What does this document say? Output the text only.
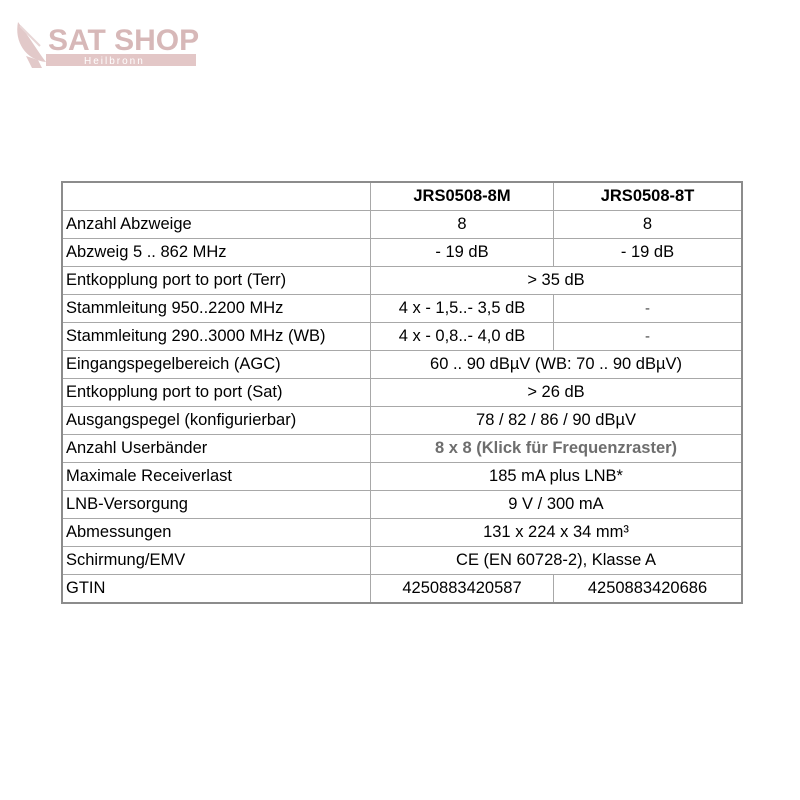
SAT SHOP
Heilbronn
	JRS0508-8M	JRS0508-8T
Anzahl Abzweige	8	8
Abzweig 5 .. 862 MHz	- 19 dB	- 19 dB
Entkopplung port to port (Terr)	> 35 dB	
Stammleitung 950..2200 MHz	4 x - 1,5..- 3,5 dB	-
Stammleitung 290..3000 MHz (WB)	4 x - 0,8..- 4,0 dB	-
Eingangspegelbereich (AGC)	60 .. 90 dBµV (WB: 70 .. 90 dBµV)	
Entkopplung port to port (Sat)	> 26 dB	
Ausgangspegel (konfigurierbar)	78 / 82 / 86 / 90 dBµV	
Anzahl Userbänder	8 x 8 (Klick für Frequenzraster)	
Maximale Receiverlast	185 mA plus LNB*	
LNB-Versorgung	9 V / 300 mA	
Abmessungen	131 x 224 x 34 mm³	
Schirmung/EMV	CE (EN 60728-2), Klasse A	
GTIN	4250883420587	4250883420686
